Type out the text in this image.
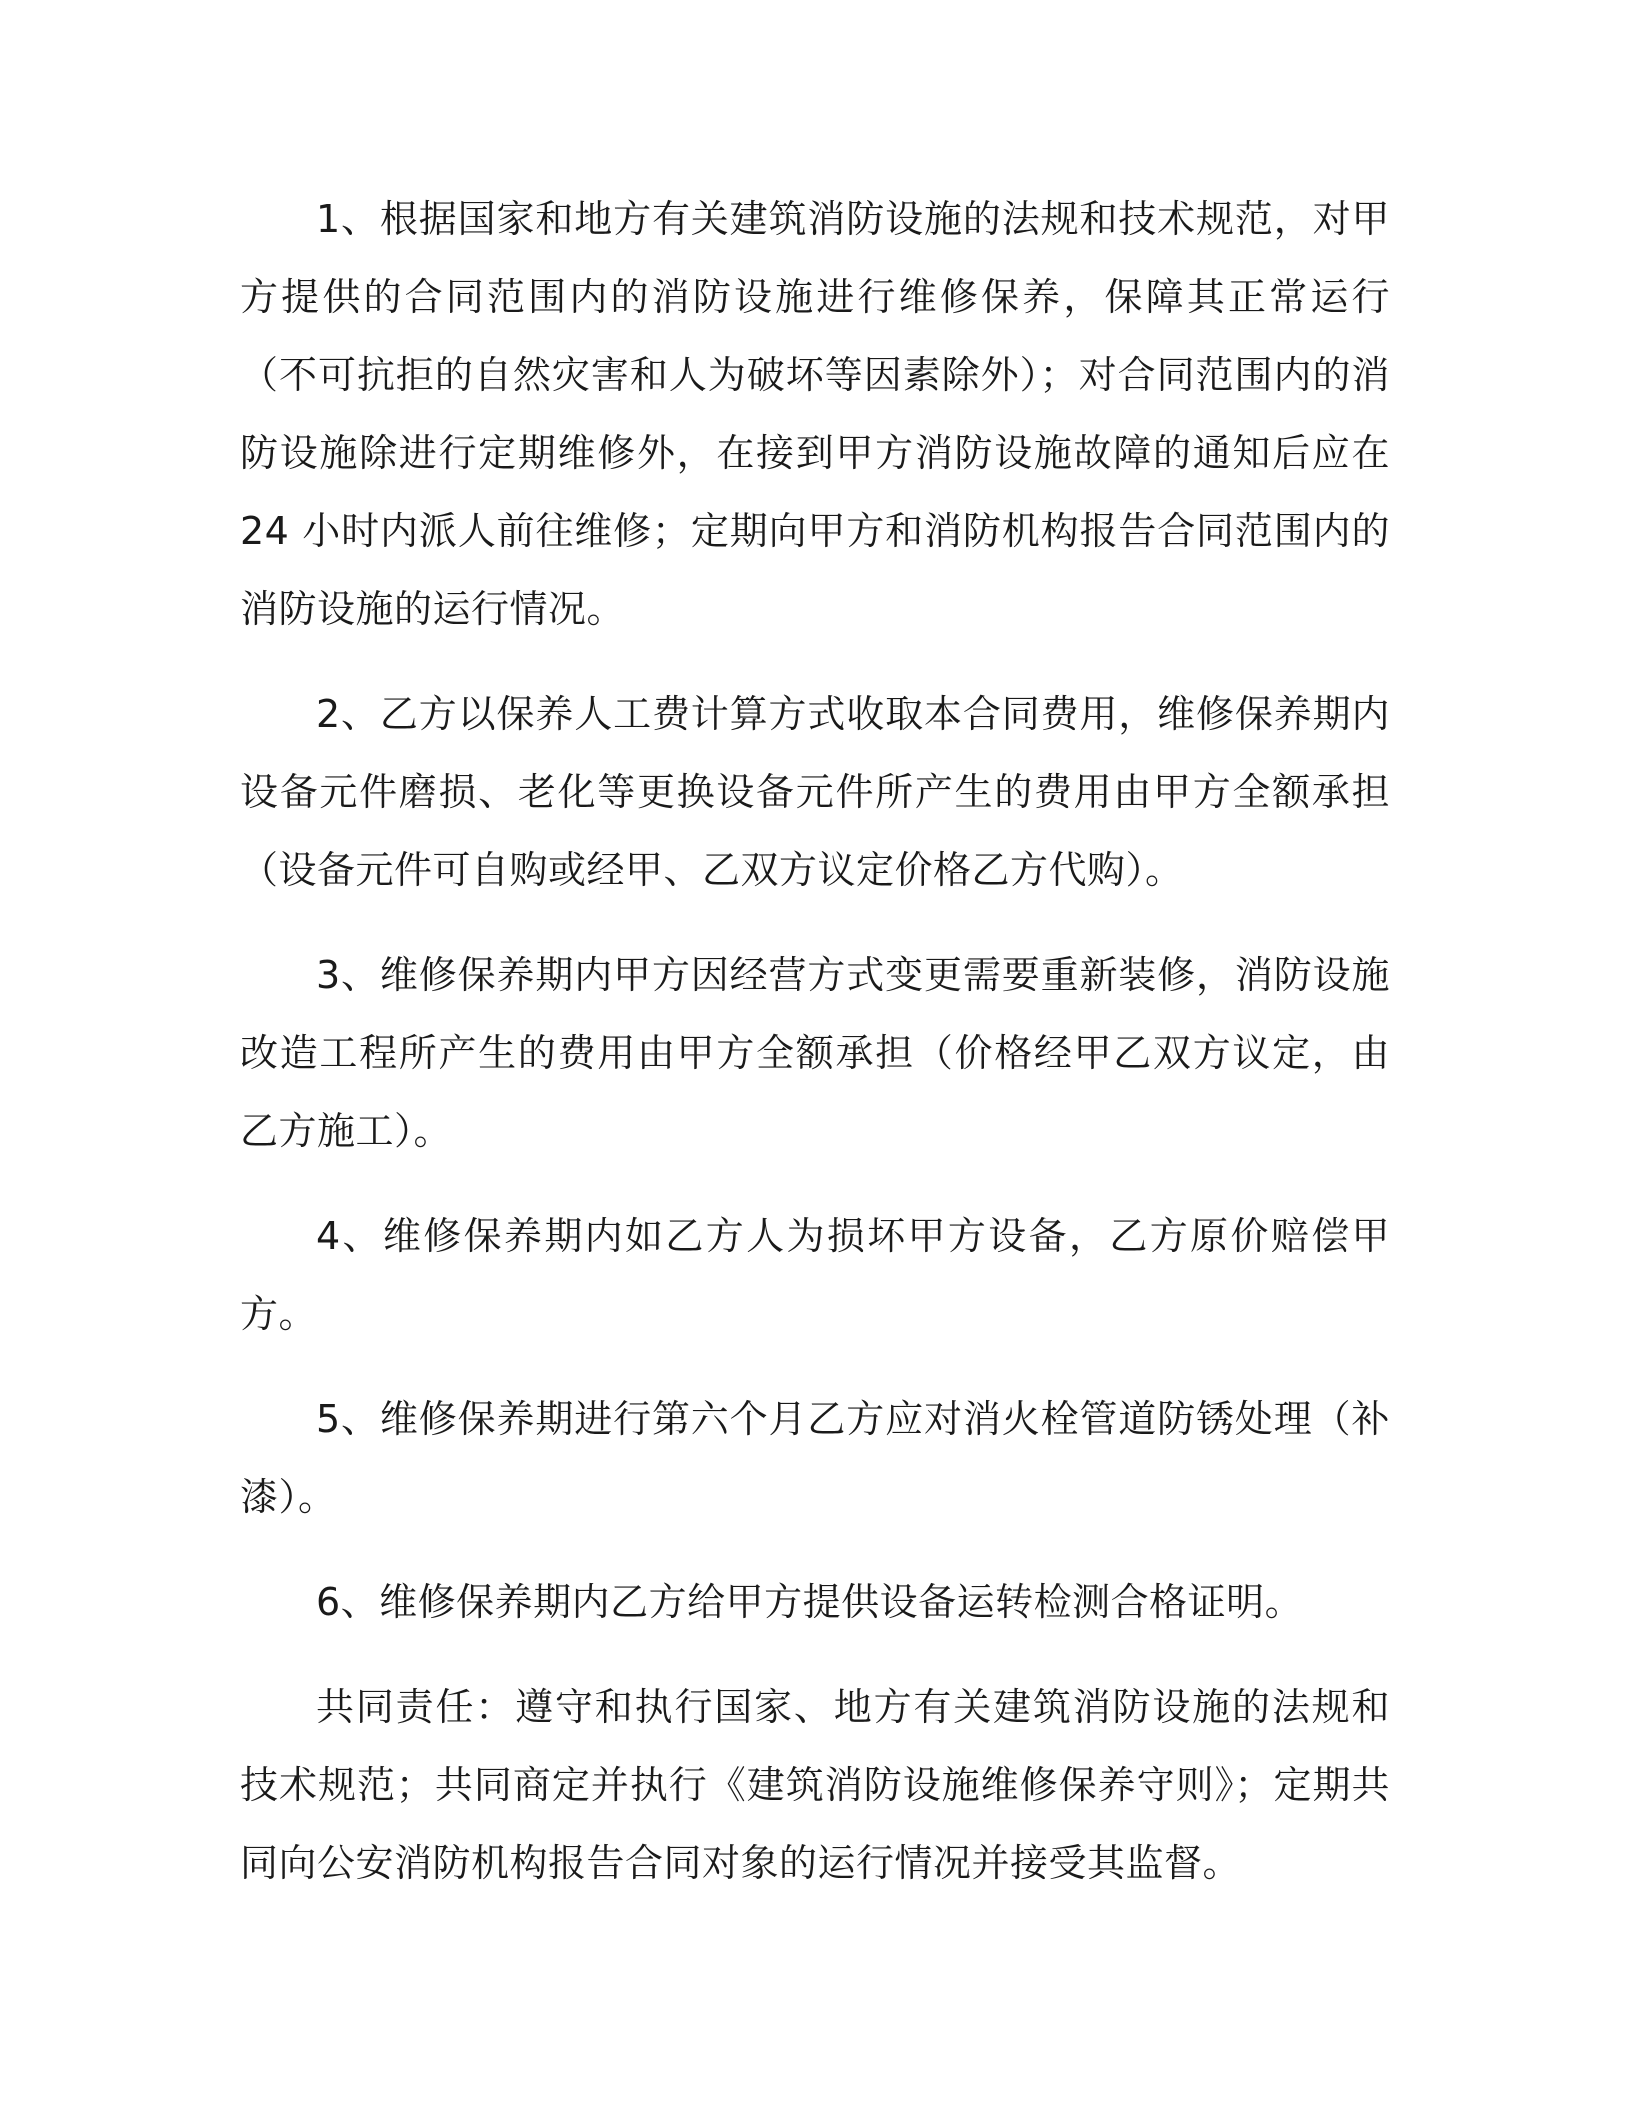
1、根据国家和地方有关建筑消防设施的法规和技术规范，对甲方提供的合同范围内的消防设施进行维修保养，保障其正常运行（不可抗拒的自然灾害和人为破坏等因素除外）；对合同范围内的消防设施除进行定期维修外，在接到甲方消防设施故障的通知后应在 24 小时内派人前往维修；定期向甲方和消防机构报告合同范围内的消防设施的运行情况。

2、乙方以保养人工费计算方式收取本合同费用，维修保养期内设备元件磨损、老化等更换设备元件所产生的费用由甲方全额承担（设备元件可自购或经甲、乙双方议定价格乙方代购）。

3、维修保养期内甲方因经营方式变更需要重新装修，消防设施改造工程所产生的费用由甲方全额承担（价格经甲乙双方议定，由乙方施工）。

4、维修保养期内如乙方人为损坏甲方设备，乙方原价赔偿甲方。

5、维修保养期进行第六个月乙方应对消火栓管道防锈处理（补漆）。

6、维修保养期内乙方给甲方提供设备运转检测合格证明。

共同责任：遵守和执行国家、地方有关建筑消防设施的法规和技术规范；共同商定并执行《建筑消防设施维修保养守则》；定期共同向公安消防机构报告合同对象的运行情况并接受其监督。
